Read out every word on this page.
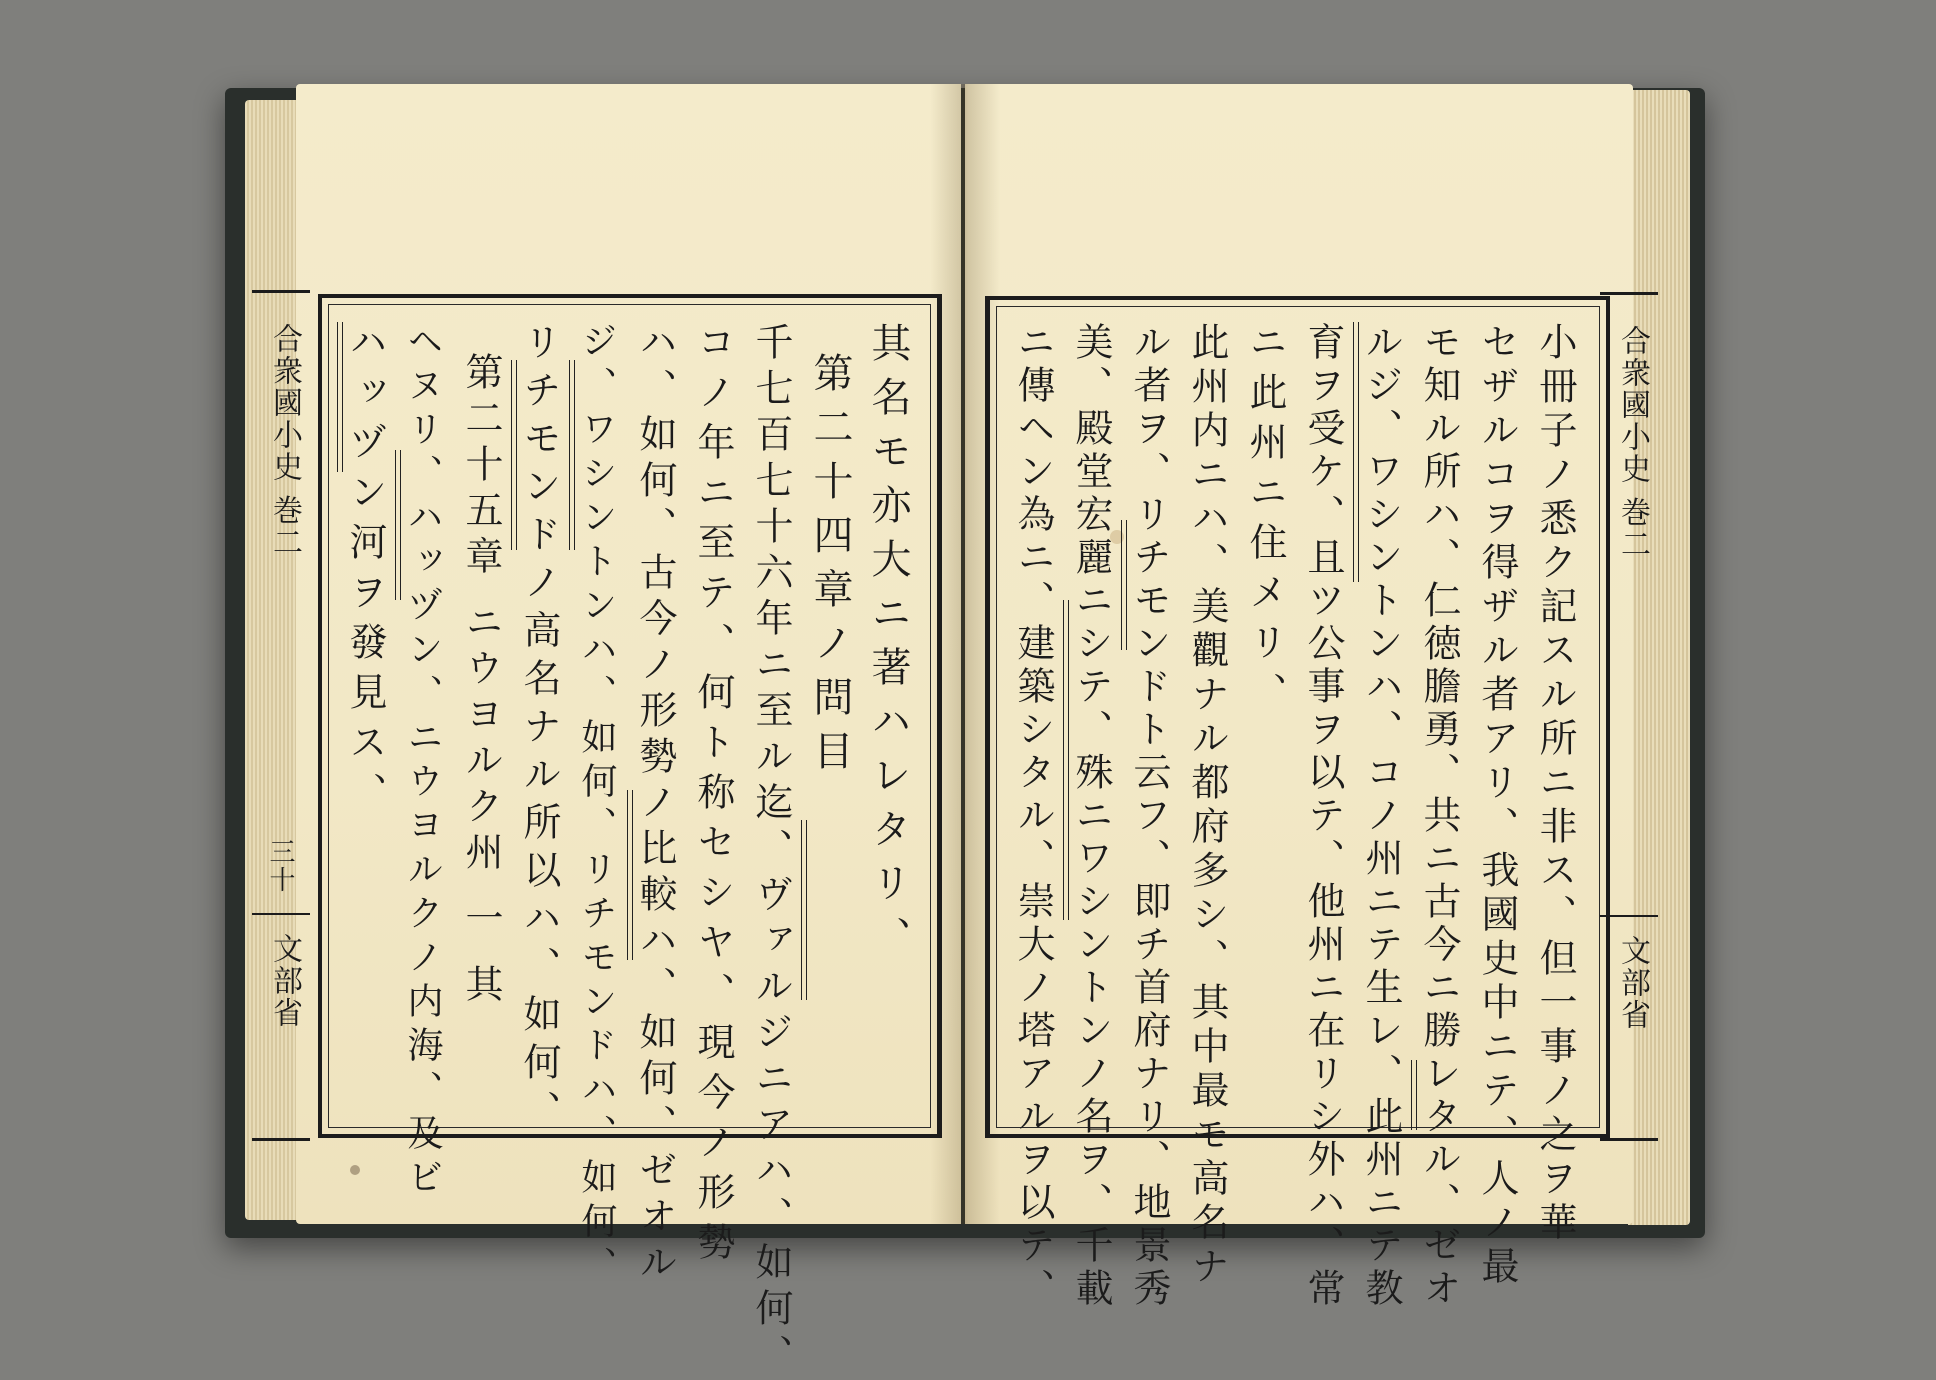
合衆國小史 巻二
三十
文部省
合衆國小史 巻二
文部省
其名モ亦大ニ著ハレタリ、
第二十四章ノ問目
千七百七十六年ニ至ル迄、ヴァルジニアハ、如何、
コノ年ニ至テ、何ト称セシヤ、現今ノ形勢
ハ、如何、古今ノ形勢ノ比較ハ、如何、ゼオル
ジ、ワシントンハ、如何、リチモンドハ、如何、
リチモンドノ高名ナル所以ハ、如何、
第二十五章 ニウヨルク州 一 其
ヘヌリ、ハッヅン、ニウヨルクノ内海、及ビ
ハッヅン河ヲ發見ス、	小冊子ノ悉ク記スル所ニ非ス、但一事ノ之ヲ華
セザルコヲ得ザル者アリ、我國史中ニテ、人ノ最
モ知ル所ハ、仁徳膽勇、共ニ古今ニ勝レタル、ゼオ
ルジ、ワシントンハ、コノ州ニテ生レ、此州ニテ教
育ヲ受ケ、且ツ公事ヲ以テ、他州ニ在リシ外ハ、常
ニ此州ニ住メリ、
此州内ニハ、美觀ナル都府多シ、其中最モ高名ナ
ル者ヲ、リチモンドト云フ、即チ首府ナリ、地景秀
美、殿堂宏麗ニシテ、殊ニワシントンノ名ヲ、千載
ニ傳ヘン為ニ、建築シタル、崇大ノ塔アルヲ以テ、
